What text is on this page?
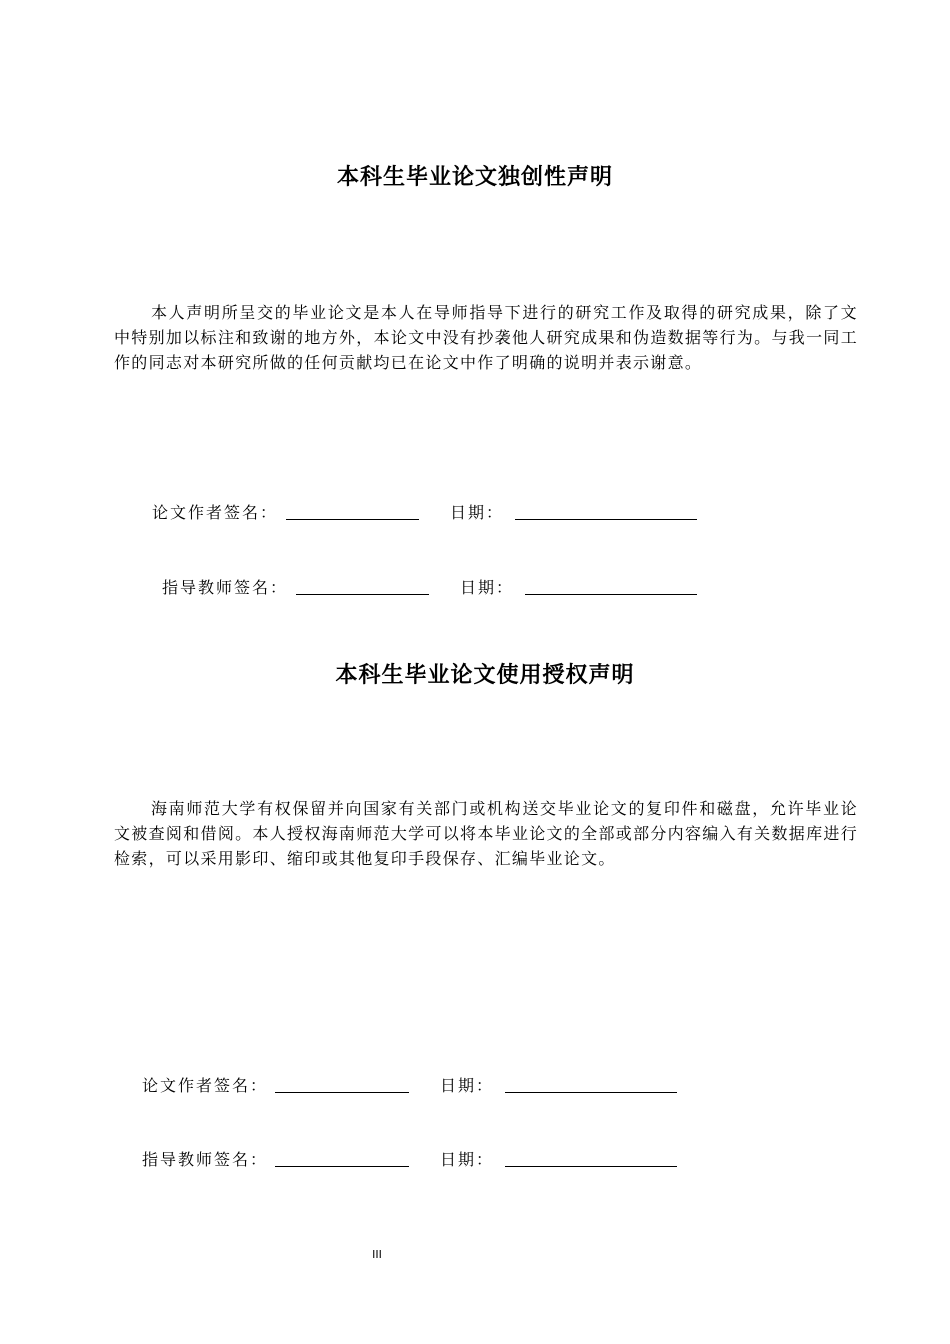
本科生毕业论文独创性声明
本人声明所呈交的毕业论文是本人在导师指导下进行的研究工作及取得的研究成果，除了文中特别加以标注和致谢的地方外，本论文中没有抄袭他人研究成果和伪造数据等行为。与我一同工作的同志对本研究所做的任何贡献均已在论文中作了明确的说明并表示谢意。
论文作者签名：	日期：
指导教师签名：	日期：
本科生毕业论文使用授权声明
海南师范大学有权保留并向国家有关部门或机构送交毕业论文的复印件和磁盘，允许毕业论文被查阅和借阅。本人授权海南师范大学可以将本毕业论文的全部或部分内容编入有关数据库进行检索，可以采用影印、缩印或其他复印手段保存、汇编毕业论文。
论文作者签名：	日期：
指导教师签名：	日期：
III
